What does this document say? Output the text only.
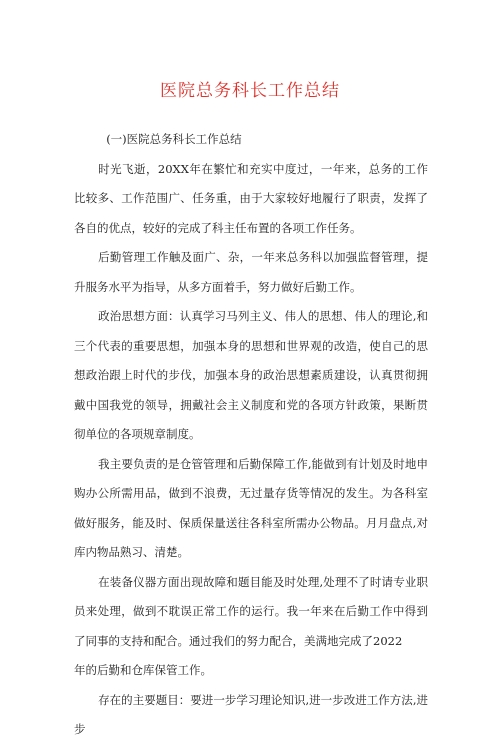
医院总务科长工作总结

(一)医院总务科长工作总结

时光飞逝，20XX年在繁忙和充实中度过，一年来，总务的工作比较多、工作范围广、任务重，由于大家较好地履行了职责，发挥了各自的优点，较好的完成了科主任布置的各项工作任务。

后勤管理工作触及面广、杂，一年来总务科以加强监督管理，提升服务水平为指导，从多方面着手，努力做好后勤工作。

政治思想方面：认真学习马列主义、伟人的思想、伟人的理论,和三个代表的重要思想，加强本身的思想和世界观的改造，使自己的思想政治跟上时代的步伐，加强本身的政治思想素质建设，认真贯彻拥戴中国我党的领导，拥戴社会主义制度和党的各项方针政策，果断贯彻单位的各项规章制度。

我主要负责的是仓管管理和后勤保障工作,能做到有计划及时地申购办公所需用品，做到不浪费，无过量存货等情况的发生。为各科室做好服务，能及时、保质保量送往各科室所需办公物品。月月盘点,对库内物品熟习、清楚。

在装备仪器方面出现故障和题目能及时处理,处理不了时请专业职员来处理，做到不耽误正常工作的运行。我一年来在后勤工作中得到了同事的支持和配合。通过我们的努力配合，美满地完成了2022

年的后勤和仓库保管工作。

存在的主要题目：要进一步学习理论知识,进一步改进工作方法,进步
